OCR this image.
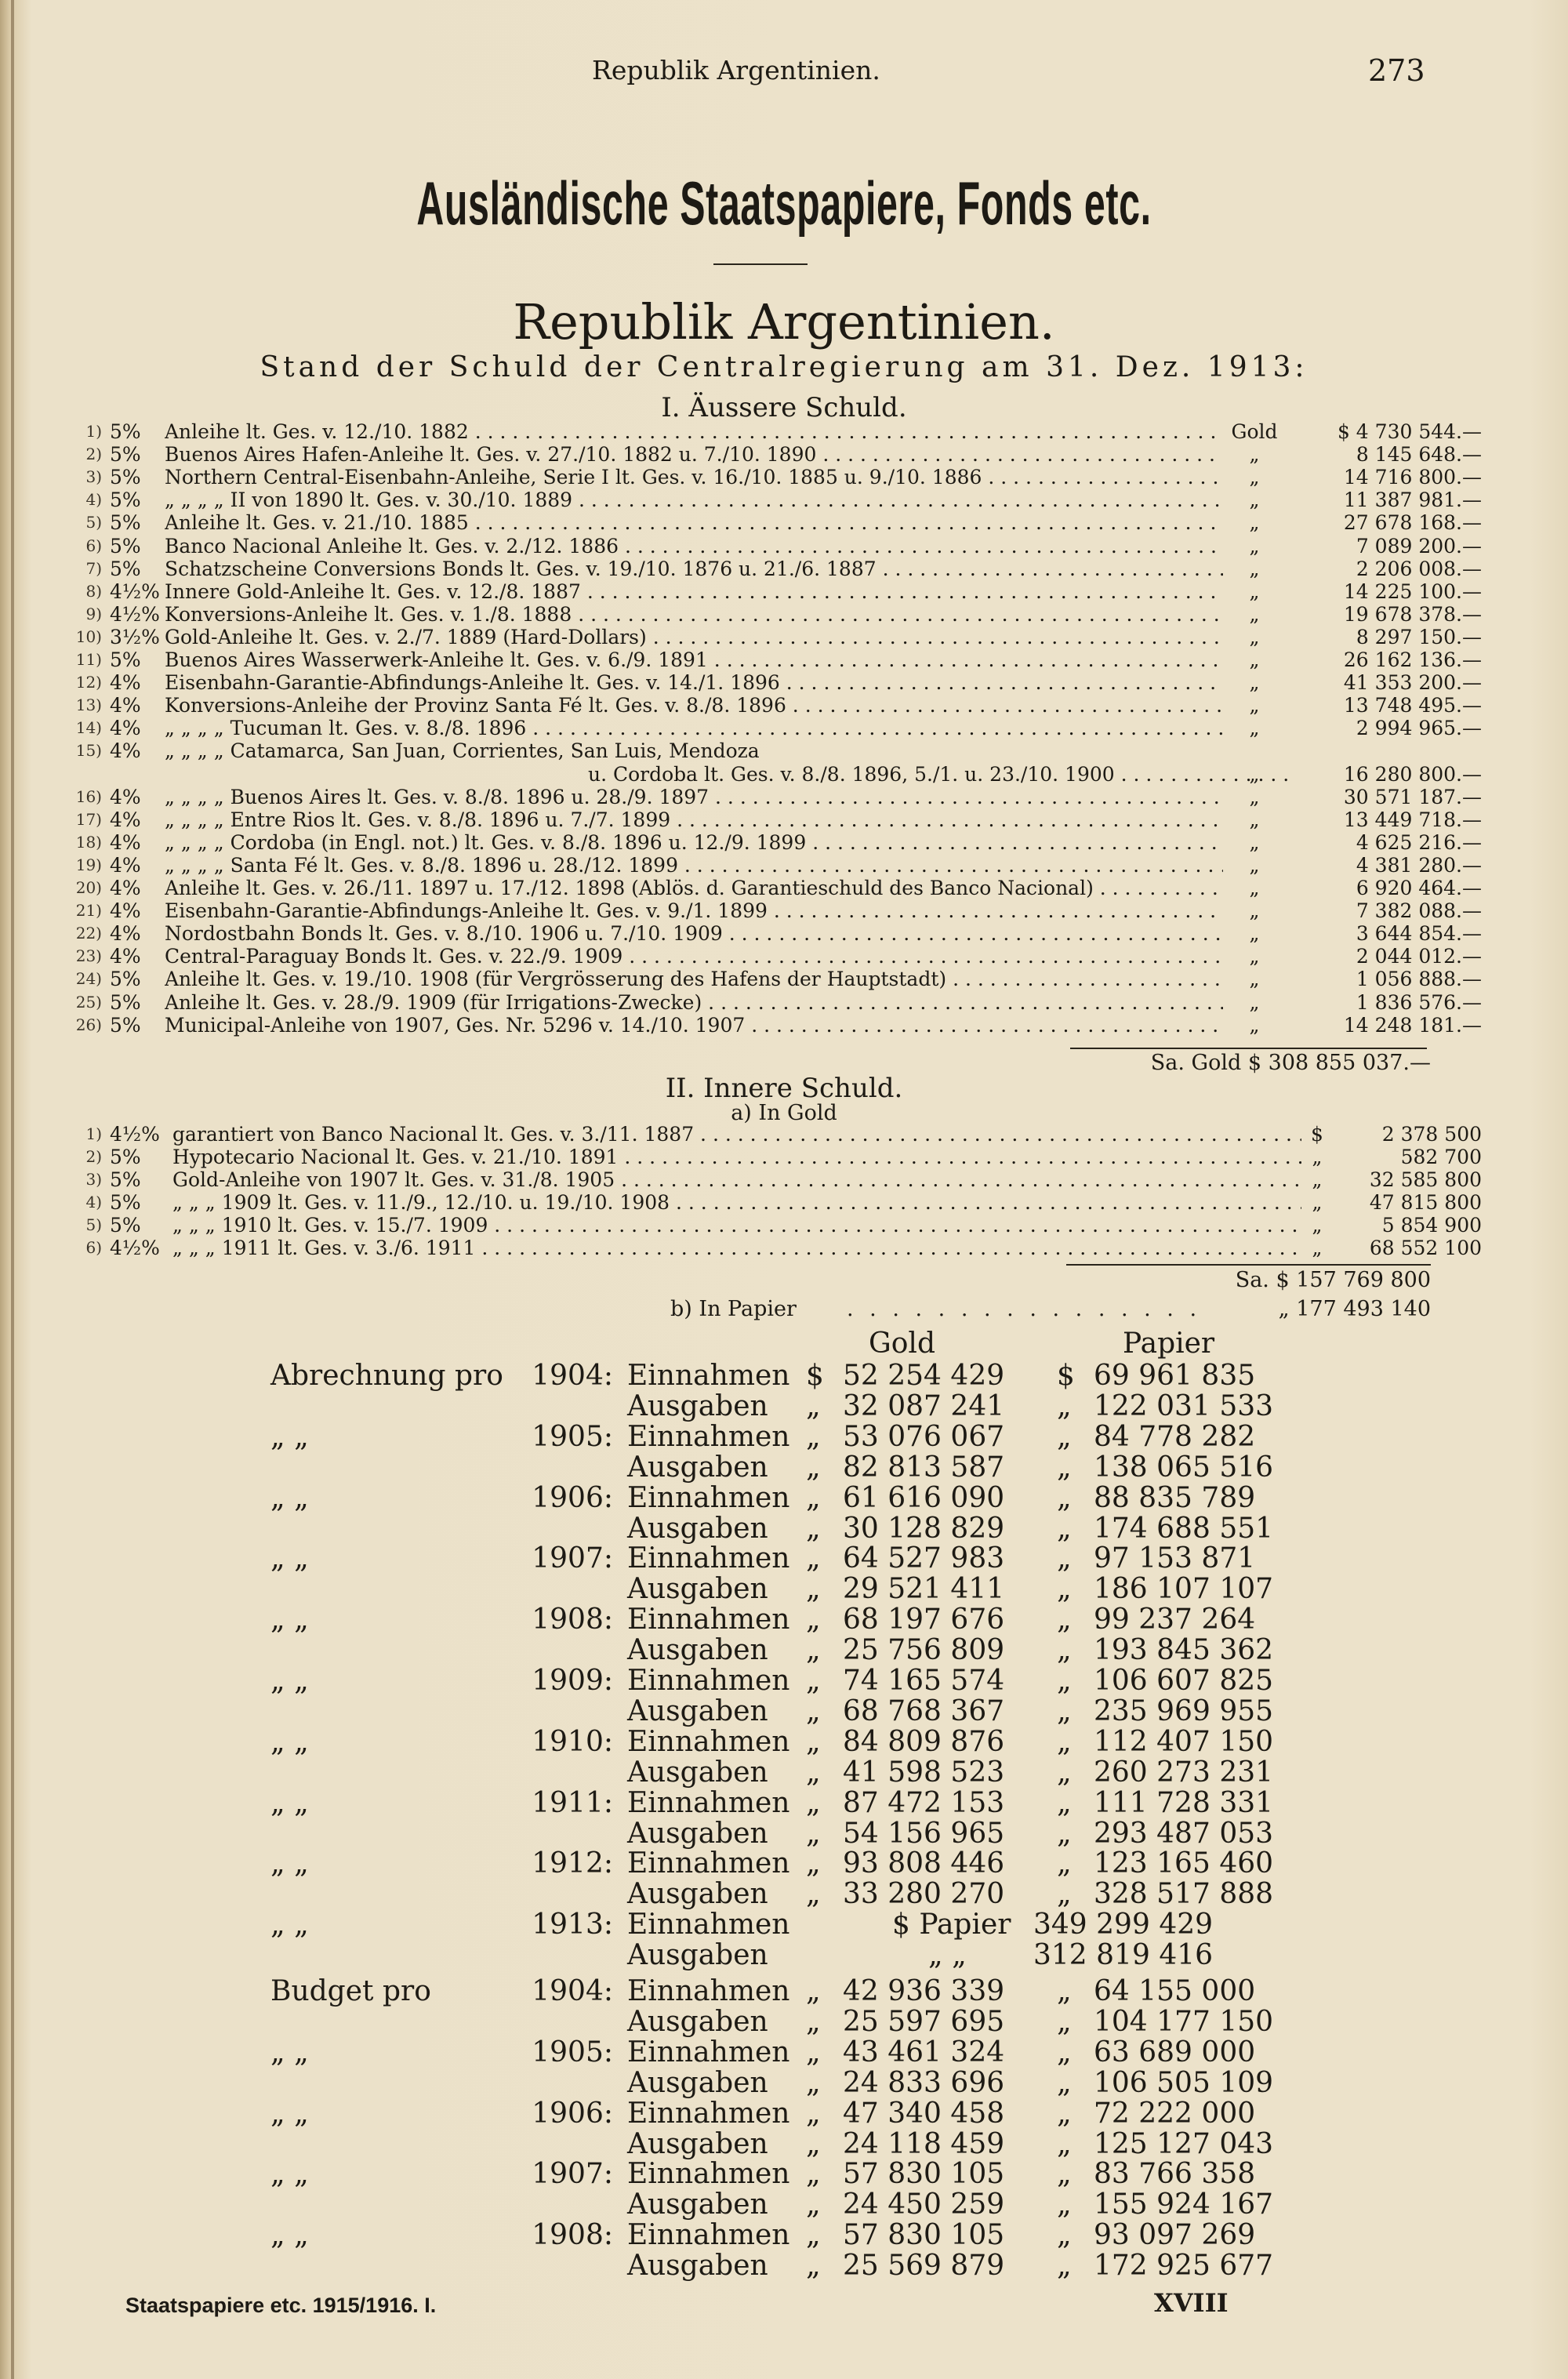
Republik Argentinien.	273
Ausländische Staatspapiere, Fonds etc.
Republik Argentinien.
Stand der Schuld der Centralregierung am 31. Dez. 1913:
I. Äussere Schuld.
1) 5%	Anleihe lt. Ges. v. 12./10. 1882 . . .	Gold	$ 4 730 544.—
2) 5%	Buenos Aires Hafen-Anleihe lt. Ges. v. 27./10. 1882 u. 7./10. 1890 . . .	„	8 145 648.—
3) 5%	Northern Central-Eisenbahn-Anleihe, Serie I lt. Ges. v. 16./10. 1885 u. 9./10. 1886 . . .	„	14 716 800.—
4) 5%	„ „ „ „ II von 1890 lt. Ges. v. 30./10. 1889 . . .	„	11 387 981.—
5) 5%	Anleihe lt. Ges. v. 21./10. 1885 . . .	„	27 678 168.—
6) 5%	Banco Nacional Anleihe lt. Ges. v. 2./12. 1886 . . .	„	7 089 200.—
7) 5%	Schatzscheine Conversions Bonds lt. Ges. v. 19./10. 1876 u. 21./6. 1887 . . .	„	2 206 008.—
8) 4½% Innere Gold-Anleihe lt. Ges. v. 12./8. 1887 . . .	„	14 225 100.—
9) 4½% Konversions-Anleihe lt. Ges. v. 1./8. 1888 . . .	„	19 678 378.—
10) 3½% Gold-Anleihe lt. Ges. v. 2./7. 1889 (Hard-Dollars) . . .	„	8 297 150.—
11) 5%	Buenos Aires Wasserwerk-Anleihe lt. Ges. v. 6./9. 1891 . . .	„	26 162 136.—
12) 4%	Eisenbahn-Garantie-Abfindungs-Anleihe lt. Ges. v. 14./1. 1896 . . .	„	41 353 200.—
13) 4%	Konversions-Anleihe der Provinz Santa Fé lt. Ges. v. 8./8. 1896 . . .	„	13 748 495.—
14) 4%	„ „ „ „ Tucuman lt. Ges. v. 8./8. 1896 . . .	„	2 994 965.—
15) 4%	„ „ „ „ Catamarca, San Juan, Corrientes, San Luis, Mendoza
u. Cordoba lt. Ges. v. 8./8. 1896, 5./1. u. 23./10. 1900 . . .	„	16 280 800.—
16) 4%	„ „ „ „ Buenos Aires lt. Ges. v. 8./8. 1896 u. 28./9. 1897 . . .	„	30 571 187.—
17) 4%	„ „ „ „ Entre Rios lt. Ges. v. 8./8. 1896 u. 7./7. 1899 . . .	„	13 449 718.—
18) 4%	„ „ „ „ Cordoba (in Engl. not.) lt. Ges. v. 8./8. 1896 u. 12./9. 1899 . . .	„	4 625 216.—
19) 4%	„ „ „ „ Santa Fé lt. Ges. v. 8./8. 1896 u. 28./12. 1899 . . .	„	4 381 280.—
20) 4%	Anleihe lt. Ges. v. 26./11. 1897 u. 17./12. 1898 (Ablös. d. Garantieschuld des Banco Nacional) . . .	„	6 920 464.—
21) 4%	Eisenbahn-Garantie-Abfindungs-Anleihe lt. Ges. v. 9./1. 1899 . . .	„	7 382 088.—
22) 4%	Nordostbahn Bonds lt. Ges. v. 8./10. 1906 u. 7./10. 1909 . . .	„	3 644 854.—
23) 4%	Central-Paraguay Bonds lt. Ges. v. 22./9. 1909 . . .	„	2 044 012.—
24) 5%	Anleihe lt. Ges. v. 19./10. 1908 (für Vergrösserung des Hafens der Hauptstadt) . . .	„	1 056 888.—
25) 5%	Anleihe lt. Ges. v. 28./9. 1909 (für Irrigations-Zwecke) . . .	„	1 836 576.—
26) 5%	Municipal-Anleihe von 1907, Ges. Nr. 5296 v. 14./10. 1907 . . .	„	14 248 181.—
Sa. Gold $ 308 855 037.—
II. Innere Schuld.
a) In Gold
1) 4½% garantiert von Banco Nacional lt. Ges. v. 3./11. 1887 . . .	$	2 378 500
2) 5%	Hypotecario Nacional lt. Ges. v. 21./10. 1891 . . .	„	582 700
3) 5%	Gold-Anleihe von 1907 lt. Ges. v. 31./8. 1905 . . .	„	32 585 800
4) 5%	„ „ „ 1909 lt. Ges. v. 11./9., 12./10. u. 19./10. 1908 . . .	„	47 815 800
5) 5%	„ „ „ 1910 lt. Ges. v. 15./7. 1909 . . .	„	5 854 900
6) 4½% „ „ „ 1911 lt. Ges. v. 3./6. 1911 . . .	„	68 552 100
Sa. $ 157 769 800
b) In Papier . . . . . . . . . . . . . . . .	„ 177 493 140
Gold	Papier
Abrechnung pro	1904: Einnahmen $ 52 254 429 $ 69 961 835
Ausgaben	„ 32 087 241 „ 122 031 533
„ „	1905: Einnahmen „ 53 076 067 „ 84 778 282
Ausgaben	„ 82 813 587 „ 138 065 516
„ „	1906: Einnahmen „ 61 616 090 „ 88 835 789
Ausgaben	„ 30 128 829 „ 174 688 551
„ „	1907: Einnahmen „ 64 527 983 „ 97 153 871
Ausgaben	„ 29 521 411 „ 186 107 107
„ „	1908: Einnahmen „ 68 197 676 „ 99 237 264
Ausgaben	„ 25 756 809 „ 193 845 362
„ „	1909: Einnahmen „ 74 165 574 „ 106 607 825
Ausgaben	„ 68 768 367 „ 235 969 955
„ „	1910: Einnahmen „ 84 809 876 „ 112 407 150
Ausgaben	„ 41 598 523 „ 260 273 231
„ „	1911: Einnahmen „ 87 472 153 „ 111 728 331
Ausgaben	„ 54 156 965 „ 293 487 053
„ „	1912: Einnahmen „ 93 808 446 „ 123 165 460
Ausgaben	„ 33 280 270 „ 328 517 888
„ „	1913: Einnahmen	$ Papier 349 299 429
Ausgaben	„ „ 312 819 416
Budget pro	1904: Einnahmen „ 42 936 339 „ 64 155 000
Ausgaben	„ 25 597 695 „ 104 177 150
„ „	1905: Einnahmen „ 43 461 324 „ 63 689 000
Ausgaben	„ 24 833 696 „ 106 505 109
„ „	1906: Einnahmen „ 47 340 458 „ 72 222 000
Ausgaben	„ 24 118 459 „ 125 127 043
„ „	1907: Einnahmen „ 57 830 105 „ 83 766 358
Ausgaben	„ 24 450 259 „ 155 924 167
„ „	1908: Einnahmen „ 57 830 105 „ 93 097 269
Ausgaben	„ 25 569 879 „ 172 925 677
Staatspapiere etc. 1915/1916. I.	XVIII
